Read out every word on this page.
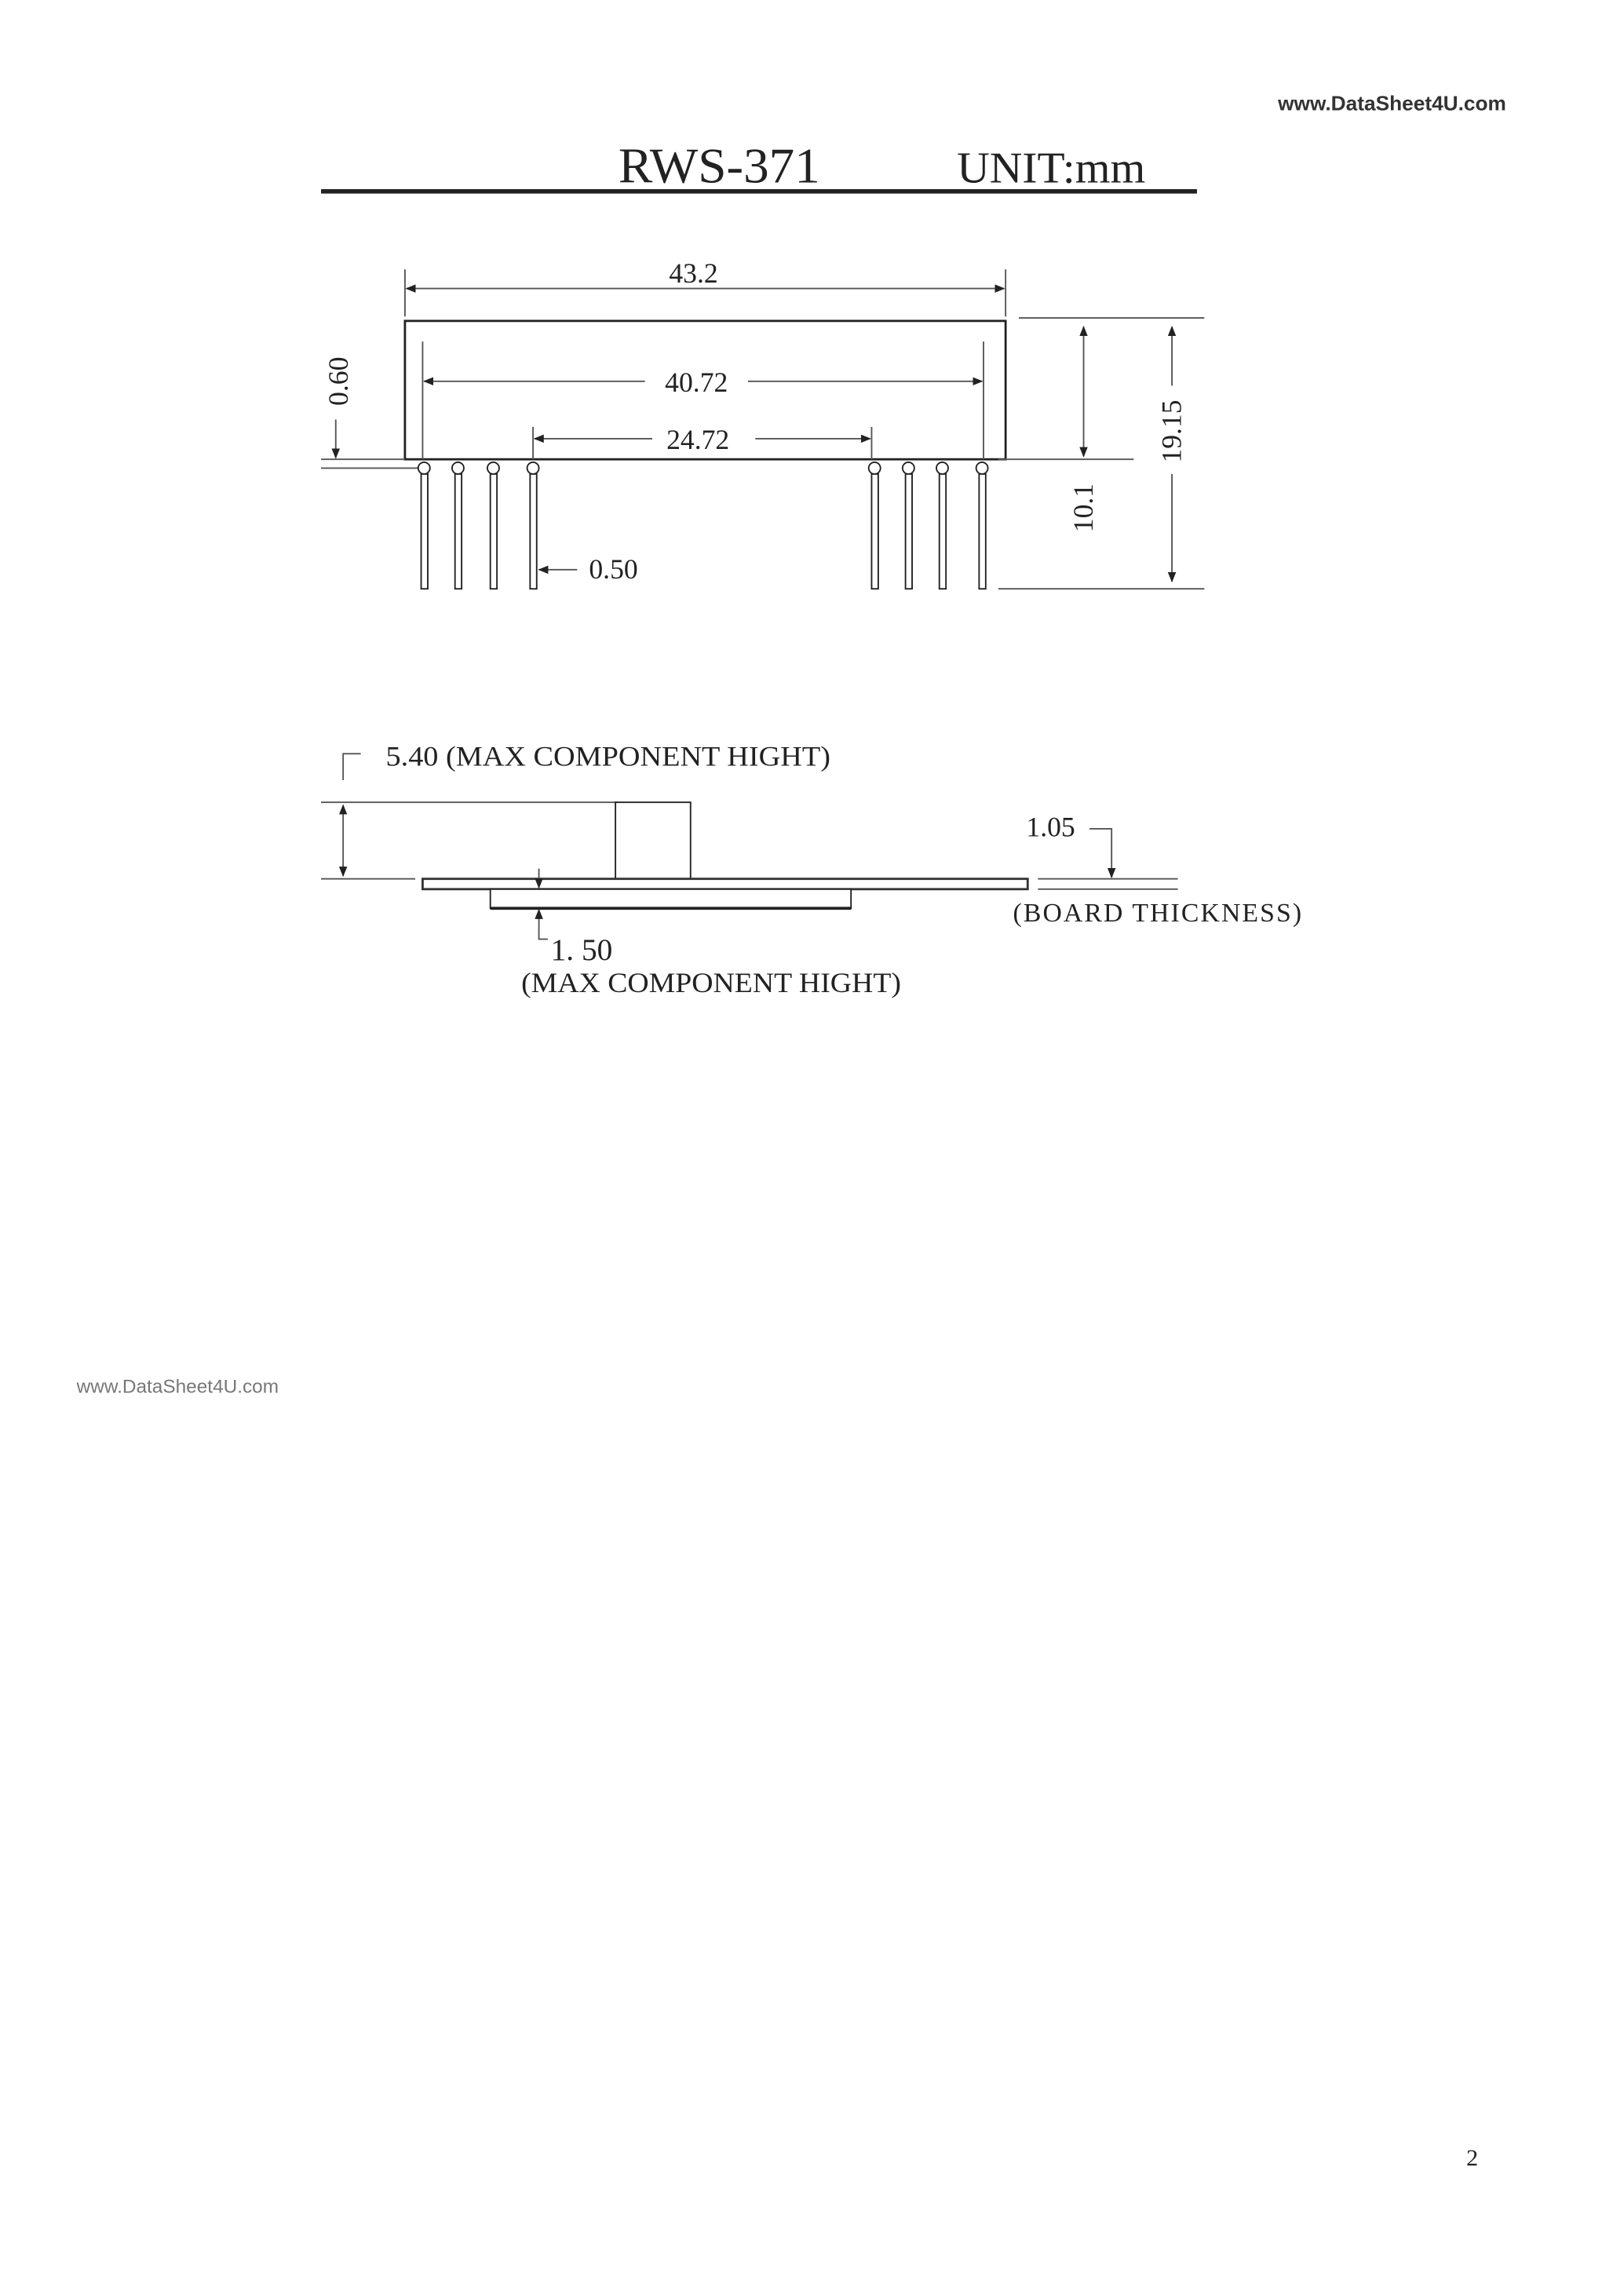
www.DataSheet4U.com
RWS-371	UNIT:mm
43.2
40.72
24.72
0.60
0.50
10.1
19.15
5.40 (MAX COMPONENT HIGHT)
1.05
(BOARD THICKNESS)
1. 50
(MAX COMPONENT HIGHT)
www.DataSheet4U.com
2
